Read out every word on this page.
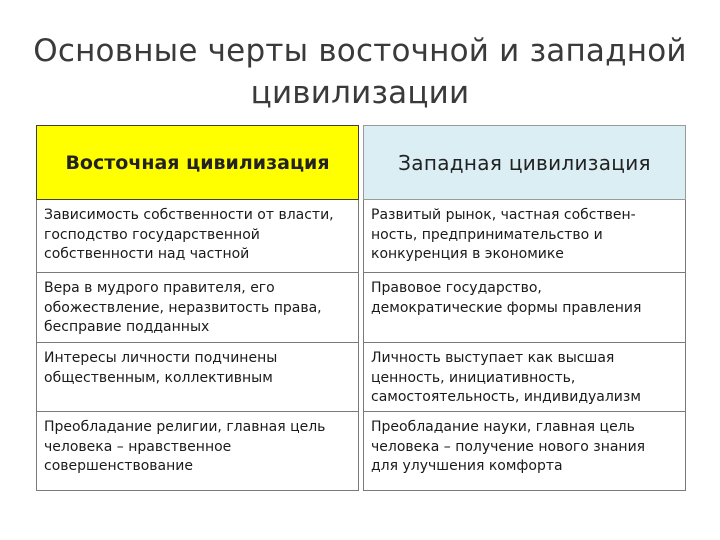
Основные черты восточной и западной
цивилизации
Восточная цивилизация	Западная цивилизация
Зависимость собственности от власти,
господство государственной
собственности над частной
Развитый рынок, частная собствен-
ность, предпринимательство и
конкуренция в экономике
Вера в мудрого правителя, его
обожествление, неразвитость права,
бесправие подданных
Правовое государство,
демократические формы правления
Интересы личности подчинены
общественным, коллективным
Личность выступает как высшая
ценность, инициативность,
самостоятельность, индивидуализм
Преобладание религии, главная цель
человека – нравственное
совершенствование
Преобладание науки, главная цель
человека – получение нового знания
для улучшения комфорта
